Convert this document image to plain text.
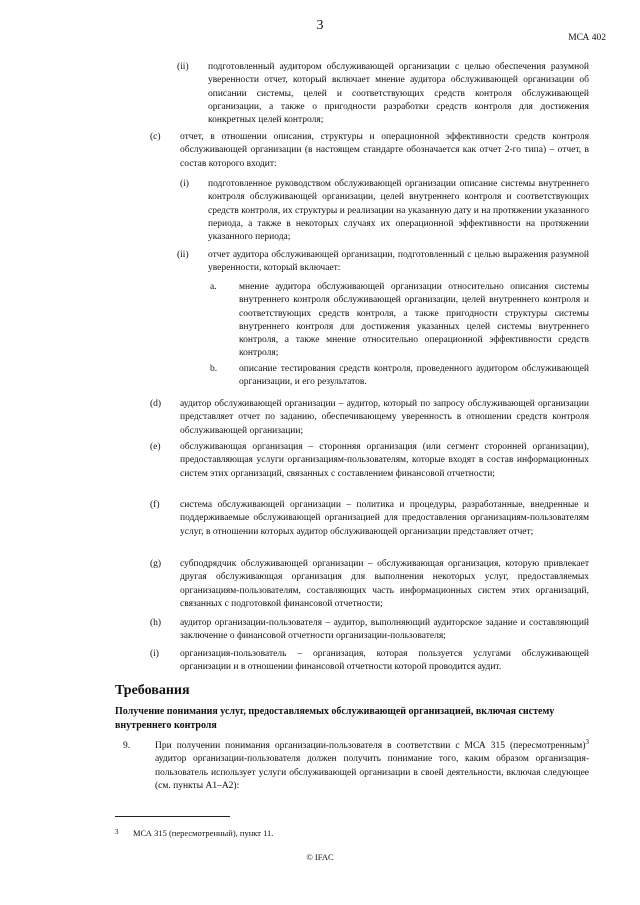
3
МСА 402
(ii) подготовленный аудитором обслуживающей организации с целью обеспечения разумной уверенности отчет, который включает мнение аудитора обслуживающей организации об описании системы, целей и соответствующих средств контроля обслуживающей организации, а также о пригодности разработки средств контроля для достижения конкретных целей контроля;
(c) отчет, в отношении описания, структуры и операционной эффективности средств контроля обслуживающей организации (в настоящем стандарте обозначается как отчет 2-го типа) – отчет, в состав которого входит:
(i) подготовленное руководством обслуживающей организации описание системы внутреннего контроля обслуживающей организации, целей внутреннего контроля и соответствующих средств контроля, их структуры и реализации на указанную дату и на протяжении указанного периода, а также в некоторых случаях их операционной эффективности на протяжении указанного периода;
(ii) отчет аудитора обслуживающей организации, подготовленный с целью выражения разумной уверенности, который включает:
a. мнение аудитора обслуживающей организации относительно описания системы внутреннего контроля обслуживающей организации, целей внутреннего контроля и соответствующих средств контроля, а также пригодности структуры системы внутреннего контроля для достижения указанных целей системы внутреннего контроля, а также мнение относительно операционной эффективности средств контроля;
b. описание тестирования средств контроля, проведенного аудитором обслуживающей организации, и его результатов.
(d) аудитор обслуживающей организации – аудитор, который по запросу обслуживающей организации представляет отчет по заданию, обеспечивающему уверенность в отношении средств контроля обслуживающей организации;
(e) обслуживающая организация – сторонняя организация (или сегмент сторонней организации), предоставляющая услуги организациям-пользователям, которые входят в состав информационных систем этих организаций, связанных с составлением финансовой отчетности;
(f) система обслуживающей организации – политика и процедуры, разработанные, внедренные и поддерживаемые обслуживающей организацией для предоставления организациям-пользователям услуг, в отношении которых аудитор обслуживающей организации представляет отчет;
(g) субподрядчик обслуживающей организации – обслуживающая организация, которую привлекает другая обслуживающая организация для выполнения некоторых услуг, предоставляемых организациям-пользователям, составляющих часть информационных систем этих организаций, связанных с подготовкой финансовой отчетности;
(h) аудитор организации-пользователя – аудитор, выполняющий аудиторское задание и составляющий заключение о финансовой отчетности организации-пользователя;
(i) организация-пользователь – организация, которая пользуется услугами обслуживающей организации и в отношении финансовой отчетности которой проводится аудит.
Требования
Получение понимания услуг, предоставляемых обслуживающей организацией, включая систему внутреннего контроля
9.	При получении понимания организации-пользователя в соответствии с МСА 315 (пересмотренным)$^3$ аудитор организации-пользователя должен получить понимание того, каким образом организация-пользователь использует услуги обслуживающей организации в своей деятельности, включая следующее (см. пункты A1–A2):
3 МСА 315 (пересмотренный), пункт 11.
© IFAC
